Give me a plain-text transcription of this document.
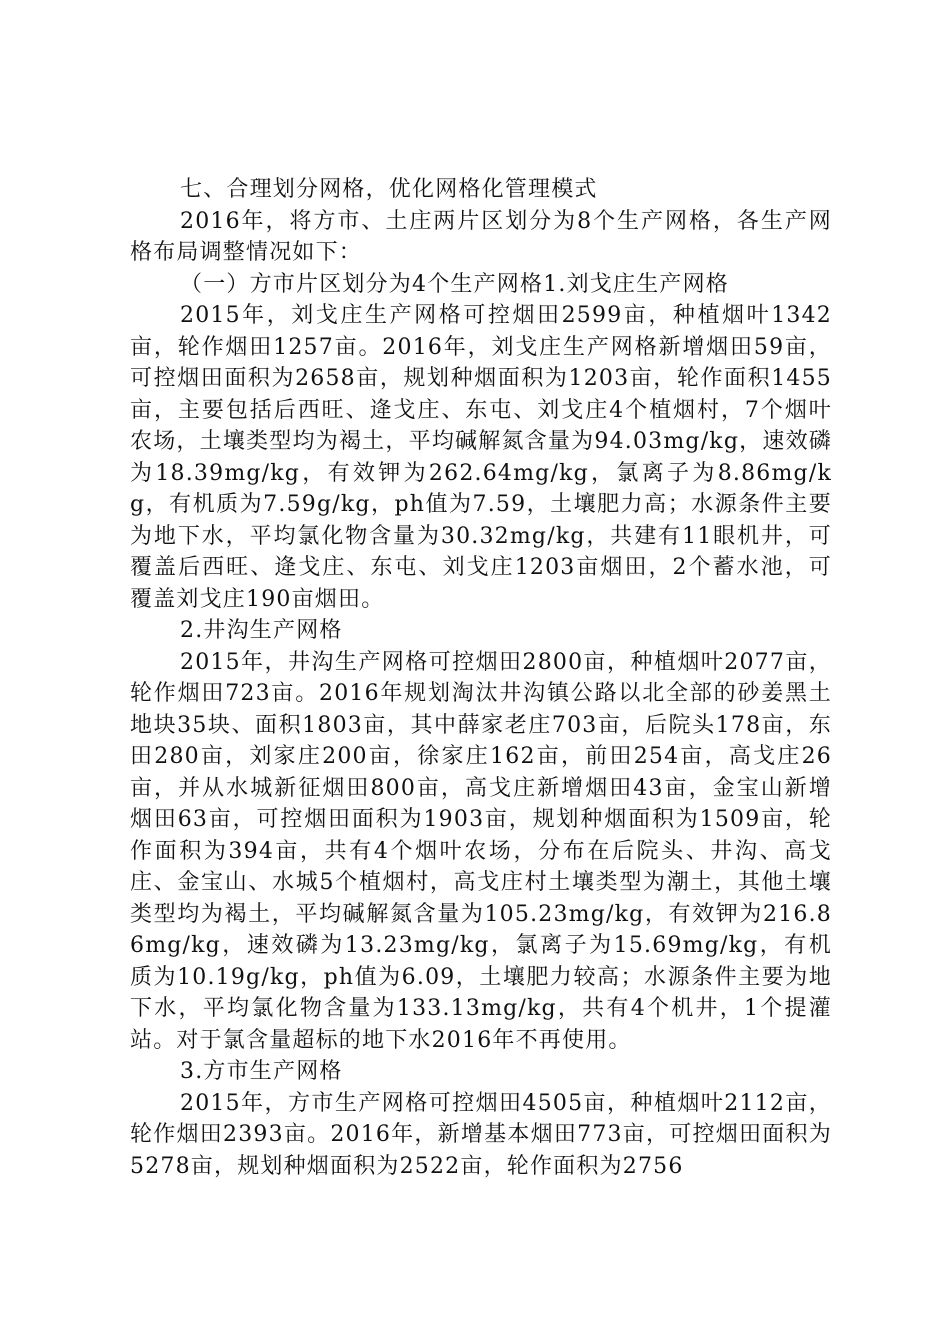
七、合理划分网格，优化网格化管理模式

2016年，将方市、土庄两片区划分为8个生产网格，各生产网格布局调整情况如下：

（一）方市片区划分为4个生产网格1.刘戈庄生产网格

2015年，刘戈庄生产网格可控烟田2599亩，种植烟叶1342亩，轮作烟田1257亩。2016年，刘戈庄生产网格新增烟田59亩，可控烟田面积为2658亩，规划种烟面积为1203亩，轮作面积1455亩，主要包括后西旺、逄戈庄、东屯、刘戈庄4个植烟村，7个烟叶农场，土壤类型均为褐土，平均碱解氮含量为94.03mg/kg，速效磷为18.39mg/kg，有效钾为262.64mg/kg，氯离子为8.86mg/kg，有机质为7.59g/kg，ph值为7.59，土壤肥力高；水源条件主要为地下水，平均氯化物含量为30.32mg/kg，共建有11眼机井，可覆盖后西旺、逄戈庄、东屯、刘戈庄1203亩烟田，2个蓄水池，可覆盖刘戈庄190亩烟田。

2.井沟生产网格

2015年，井沟生产网格可控烟田2800亩，种植烟叶2077亩，轮作烟田723亩。2016年规划淘汰井沟镇公路以北全部的砂姜黑土地块35块、面积1803亩，其中薛家老庄703亩，后院头178亩，东田280亩，刘家庄200亩，徐家庄162亩，前田254亩，高戈庄26亩，并从水城新征烟田800亩，高戈庄新增烟田43亩，金宝山新增烟田63亩，可控烟田面积为1903亩，规划种烟面积为1509亩，轮作面积为394亩，共有4个烟叶农场，分布在后院头、井沟、高戈庄、金宝山、水城5个植烟村，高戈庄村土壤类型为潮土，其他土壤类型均为褐土，平均碱解氮含量为105.23mg/kg，有效钾为216.86mg/kg，速效磷为13.23mg/kg，氯离子为15.69mg/kg，有机质为10.19g/kg，ph值为6.09，土壤肥力较高；水源条件主要为地下水，平均氯化物含量为133.13mg/kg，共有4个机井，1个提灌站。对于氯含量超标的地下水2016年不再使用。

3.方市生产网格

2015年，方市生产网格可控烟田4505亩，种植烟叶2112亩，轮作烟田2393亩。2016年，新增基本烟田773亩，可控烟田面积为5278亩，规划种烟面积为2522亩，轮作面积为2756
